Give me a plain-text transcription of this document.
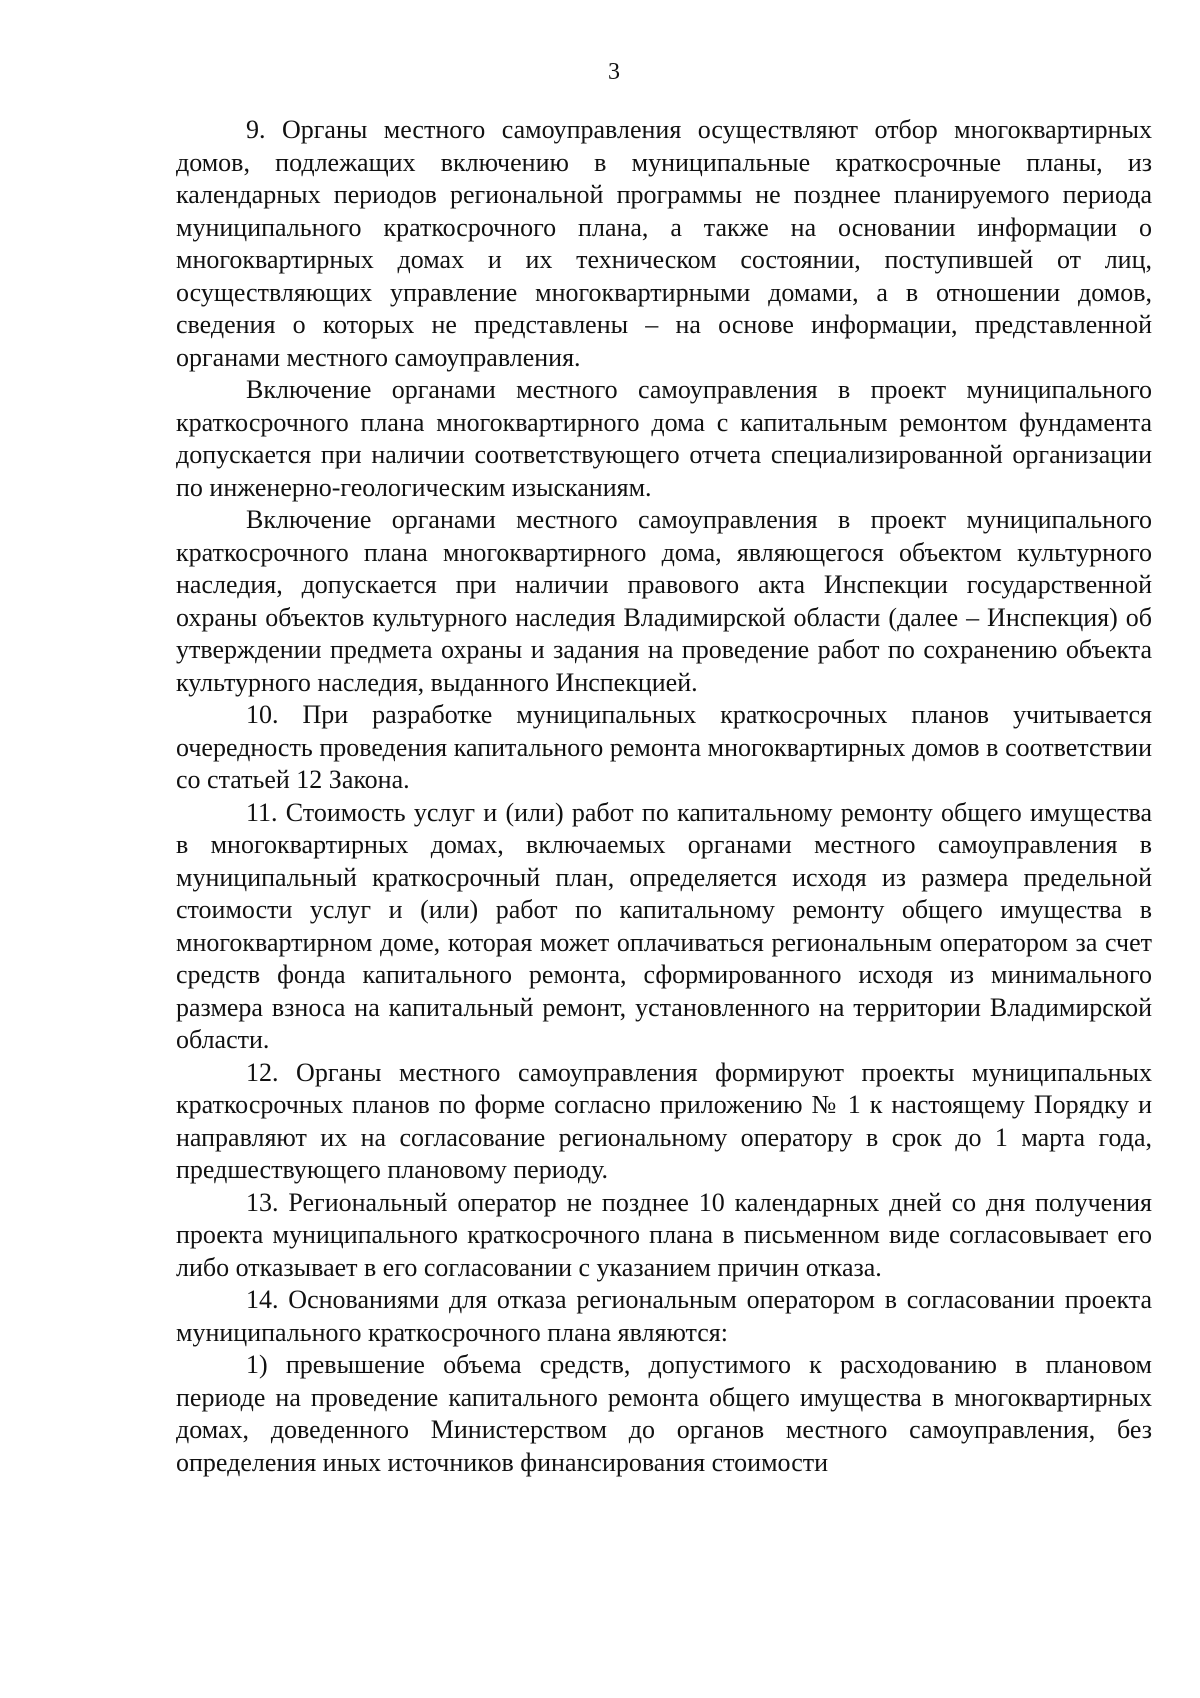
3

9. Органы местного самоуправления осуществляют отбор многоквартирных домов, подлежащих включению в муниципальные краткосрочные планы, из календарных периодов региональной программы не позднее планируемого периода муниципального краткосрочного плана, а также на основании информации о многоквартирных домах и их техническом состоянии, поступившей от лиц, осуществляющих управление многоквартирными домами, а в отношении домов, сведения о которых не представлены – на основе информации, представленной органами местного самоуправления.

Включение органами местного самоуправления в проект муниципального краткосрочного плана многоквартирного дома с капитальным ремонтом фундамента допускается при наличии соответствующего отчета специализированной организации по инженерно-геологическим изысканиям.

Включение органами местного самоуправления в проект муниципального краткосрочного плана многоквартирного дома, являющегося объектом культурного наследия, допускается при наличии правового акта Инспекции государственной охраны объектов культурного наследия Владимирской области (далее – Инспекция) об утверждении предмета охраны и задания на проведение работ по сохранению объекта культурного наследия, выданного Инспекцией.

10. При разработке муниципальных краткосрочных планов учитывается очередность проведения капитального ремонта многоквартирных домов в соответствии со статьей 12 Закона.

11. Стоимость услуг и (или) работ по капитальному ремонту общего имущества в многоквартирных домах, включаемых органами местного самоуправления в муниципальный краткосрочный план, определяется исходя из размера предельной стоимости услуг и (или) работ по капитальному ремонту общего имущества в многоквартирном доме, которая может оплачиваться региональным оператором за счет средств фонда капитального ремонта, сформированного исходя из минимального размера взноса на капитальный ремонт, установленного на территории Владимирской области.

12. Органы местного самоуправления формируют проекты муниципальных краткосрочных планов по форме согласно приложению № 1 к настоящему Порядку и направляют их на согласование региональному оператору в срок до 1 марта года, предшествующего плановому периоду.

13. Региональный оператор не позднее 10 календарных дней со дня получения проекта муниципального краткосрочного плана в письменном виде согласовывает его либо отказывает в его согласовании с указанием причин отказа.

14. Основаниями для отказа региональным оператором в согласовании проекта муниципального краткосрочного плана являются:

1) превышение объема средств, допустимого к расходованию в плановом периоде на проведение капитального ремонта общего имущества в многоквартирных домах, доведенного Министерством до органов местного самоуправления, без определения иных источников финансирования стоимости
